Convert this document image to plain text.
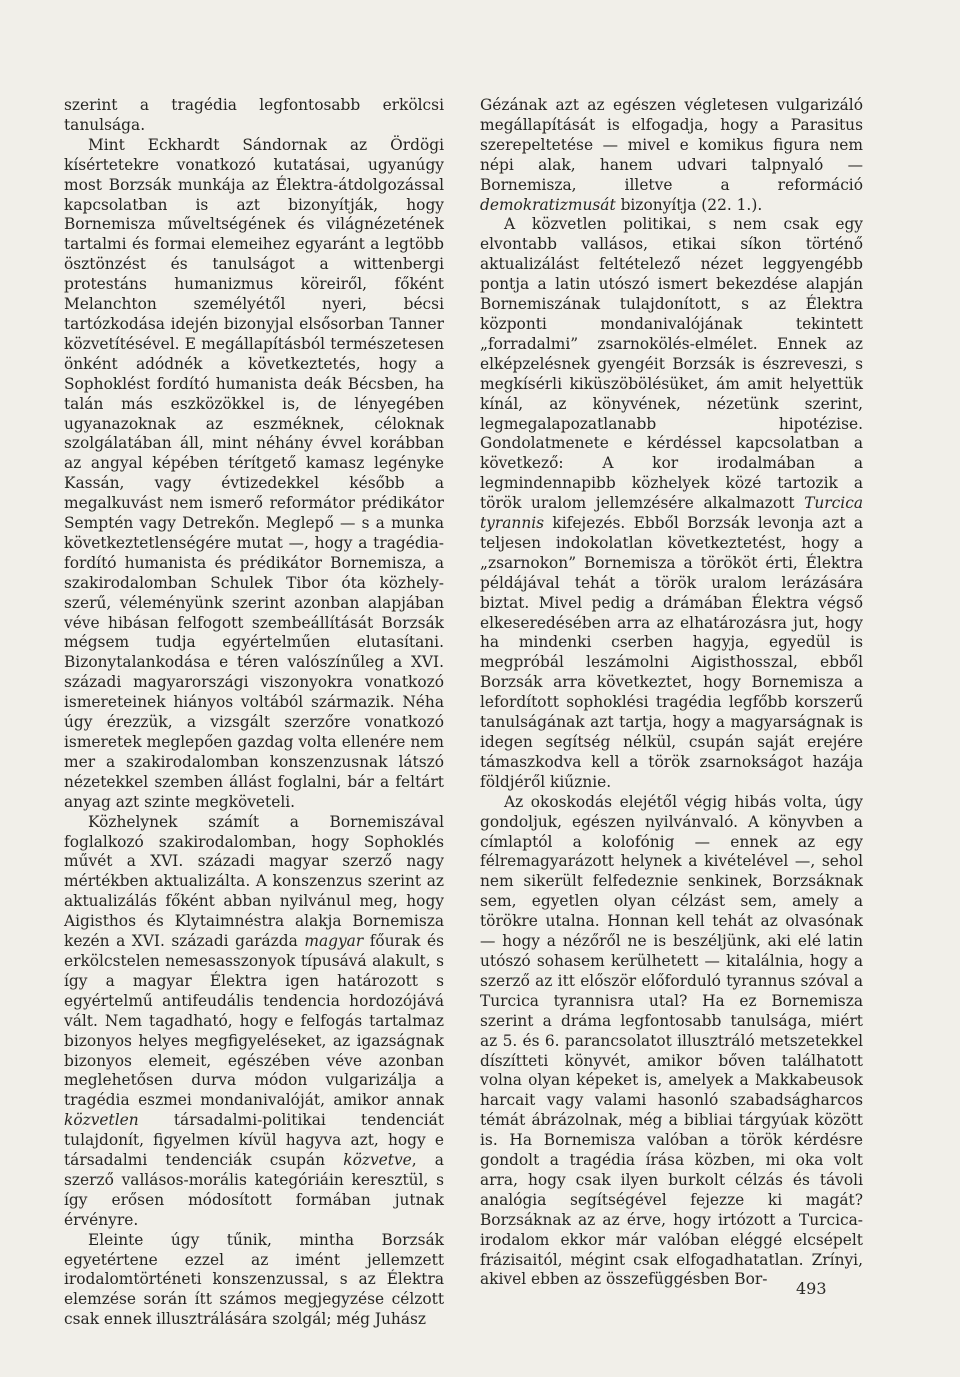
szerint a tragédia legfontosabb erkölcsi tanulsága.

Mint Eckhardt Sándornak az Ördögi kísértetekre vonatkozó kutatásai, ugyanúgy most Borzsák munkája az Élektra-átdolgozással kapcsolatban is azt bizonyítják, hogy Bornemisza műveltségének és világnézetének tartalmi és formai elemeihez egyaránt a legtöbb ösztönzést és tanulságot a wittenbergi protestáns humanizmus köreiről, főként Melanchton személyétől nyeri, bécsi tartózkodása idején bizonyjal elsősorban Tanner közvetítésével. E megállapításból természetesen önként adódnék a következtetés, hogy a Sophoklést fordító humanista deák Bécsben, ha talán más eszközökkel is, de lényegében ugyanazoknak az eszméknek, céloknak szolgálatában áll, mint néhány évvel korábban az angyal képében térítgető kamasz legényke Kassán, vagy évtizedekkel később a megalkuvást nem ismerő reformátor prédikátor Semptén vagy Detrekőn. Meglepő — s a munka következtetlenségére mutat —, hogy a tragédia-fordító humanista és prédikátor Bornemisza, a szakirodalomban Schulek Tibor óta közhely-szerű, véleményünk szerint azonban alapjában véve hibásan felfogott szembeállítását Borzsák mégsem tudja egyértelműen elutasítani. Bizonytalankodása e téren valószínűleg a XVI. századi magyarországi viszonyokra vonatkozó ismereteinek hiányos voltából származik. Néha úgy érezzük, a vizsgált szerzőre vonatkozó ismeretek meglepően gazdag volta ellenére nem mer a szakirodalomban konszenzusnak látszó nézetekkel szemben állást foglalni, bár a feltárt anyag azt szinte megköveteli.

Közhelynek számít a Bornemiszával foglalkozó szakirodalomban, hogy Sophoklés művét a XVI. századi magyar szerző nagy mértékben aktualizálta. A konszenzus szerint az aktualizálás főként abban nyilvánul meg, hogy Aigisthos és Klytaimnéstra alakja Bornemisza kezén a XVI. századi garázda magyar főurak és erkölcstelen nemesasszonyok típusává alakult, s így a magyar Élektra igen határozott s egyértelmű antifeudális tendencia hordozójává vált. Nem tagadható, hogy e felfogás tartalmaz bizonyos helyes megfigyeléseket, az igazságnak bizonyos elemeit, egészében véve azonban meglehetősen durva módon vulgarizálja a tragédia eszmei mondanivalóját, amikor annak közvetlen társadalmi-politikai tendenciát tulajdonít, figyelmen kívül hagyva azt, hogy e társadalmi tendenciák csupán közvetve, a szerző vallásos-morális kategóriáin keresztül, s így erősen módosított formában jutnak érvényre.

Eleinte úgy tűnik, mintha Borzsák egyetértene ezzel az imént jellemzett irodalomtörténeti konszenzussal, s az Élektra elemzése során ítt számos megjegyzése célzott csak ennek illusztrálására szolgál; még Juhász

Gézának azt az egészen végletesen vulgarizáló megállapítását is elfogadja, hogy a Parasitus szerepeltetése — mivel e komikus figura nem népi alak, hanem udvari talpnyaló — Bornemisza, illetve a reformáció demokratizmusát bizonyítja (22. 1.).

A közvetlen politikai, s nem csak egy elvontabb vallásos, etikai síkon történő aktualizálást feltételező nézet leggyengébb pontja a latin utószó ismert bekezdése alapján Bornemiszának tulajdonított, s az Élektra központi mondanivalójának tekintett „forradalmi” zsarnokölés-elmélet. Ennek az elképzelésnek gyengéit Borzsák is észreveszi, s megkísérli kiküszöbölésüket, ám amit helyettük kínál, az könyvének, nézetünk szerint, legmegalapozatlanabb hipotézise. Gondolatmenete e kérdéssel kapcsolatban a következő: A kor irodalmában a legmindennapibb közhelyek közé tartozik a török uralom jellemzésére alkalmazott Turcica tyrannis kifejezés. Ebből Borzsák levonja azt a teljesen indokolatlan következtetést, hogy a „zsarnokon” Bornemisza a törököt érti, Élektra példájával tehát a török uralom lerázására biztat. Mivel pedig a drámában Élektra végső elkeseredésében arra az elhatározásra jut, hogy ha mindenki cserben hagyja, egyedül is megpróbál leszámolni Aigisthosszal, ebből Borzsák arra következtet, hogy Bornemisza a lefordított sophoklési tragédia legfőbb korszerű tanulságának azt tartja, hogy a magyarságnak is idegen segítség nélkül, csupán saját erejére támaszkodva kell a török zsarnokságot hazája földjéről kiűznie.

Az okoskodás elejétől végig hibás volta, úgy gondoljuk, egészen nyilvánvaló. A könyvben a címlaptól a kolofónig — ennek az egy félremagyarázott helynek a kivételével —, sehol nem sikerült felfedeznie senkinek, Borzsáknak sem, egyetlen olyan célzást sem, amely a törökre utalna. Honnan kell tehát az olvasónak — hogy a nézőről ne is beszéljünk, aki elé latin utószó sohasem kerülhetett — kitalálnia, hogy a szerző az itt először előforduló tyrannus szóval a Turcica tyrannisra utal? Ha ez Bornemisza szerint a dráma legfontosabb tanulsága, miért az 5. és 6. parancsolatot illusztráló metszetekkel díszítteti könyvét, amikor bőven találhatott volna olyan képeket is, amelyek a Makkabeusok harcait vagy valami hasonló szabadságharcos témát ábrázolnak, még a bibliai tárgyúak között is. Ha Bornemisza valóban a török kérdésre gondolt a tragédia írása közben, mi oka volt arra, hogy csak ilyen burkolt célzás és távoli analógia segítségével fejezze ki magát? Borzsáknak az az érve, hogy irtózott a Turcica-irodalom ekkor már valóban eléggé elcsépelt frázisaitól, mégint csak elfogadhatatlan. Zrínyi, akivel ebben az összefüggésben Bor-	493
